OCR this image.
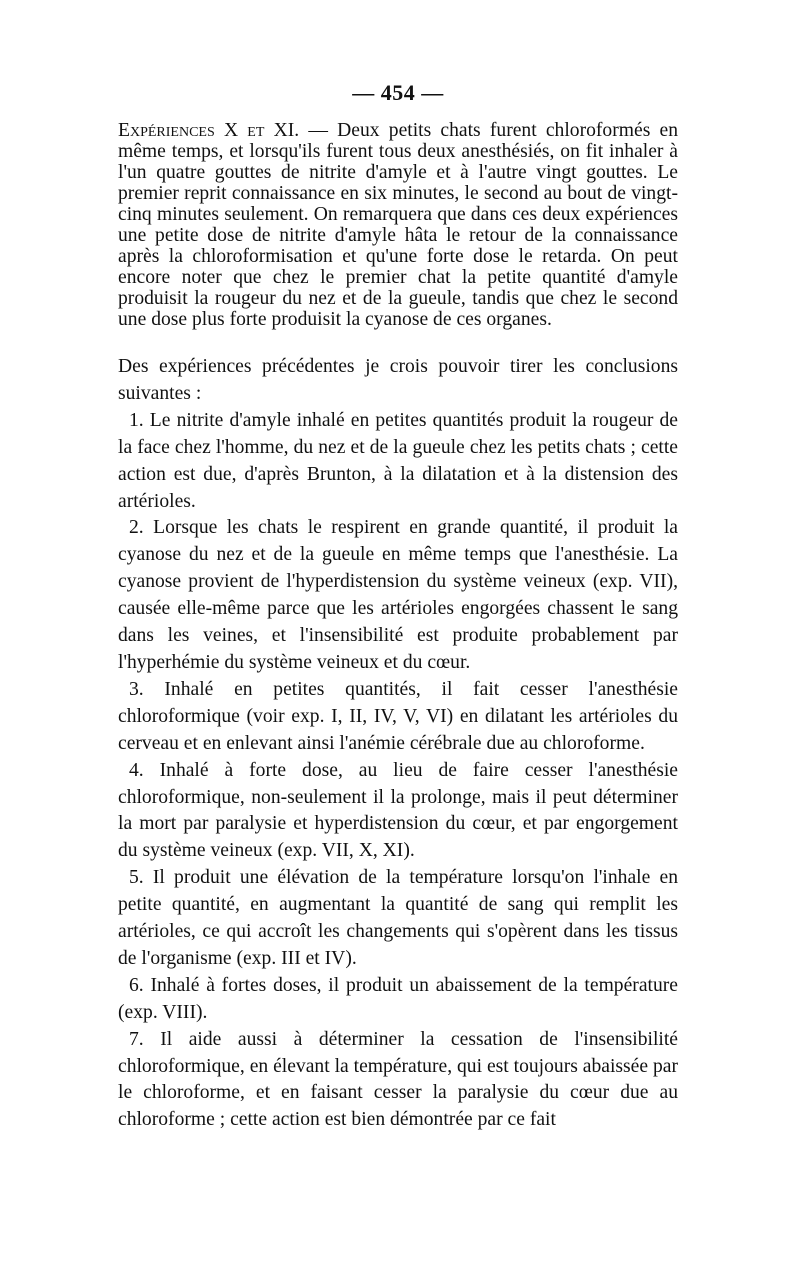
— 454 —

Expériences X et XI. — Deux petits chats furent chloroformés en même temps, et lorsqu'ils furent tous deux anesthésiés, on fit inhaler à l'un quatre gouttes de nitrite d'amyle et à l'autre vingt gouttes. Le premier reprit connaissance en six minutes, le second au bout de vingt-cinq minutes seulement. On remarquera que dans ces deux expériences une petite dose de nitrite d'amyle hâta le retour de la connaissance après la chloroformisation et qu'une forte dose le retarda. On peut encore noter que chez le premier chat la petite quantité d'amyle produisit la rougeur du nez et de la gueule, tandis que chez le second une dose plus forte produisit la cyanose de ces organes.

Des expériences précédentes je crois pouvoir tirer les conclusions suivantes :

1. Le nitrite d'amyle inhalé en petites quantités produit la rougeur de la face chez l'homme, du nez et de la gueule chez les petits chats ; cette action est due, d'après Brunton, à la dilatation et à la distension des artérioles.

2. Lorsque les chats le respirent en grande quantité, il produit la cyanose du nez et de la gueule en même temps que l'anesthésie. La cyanose provient de l'hyperdistension du système veineux (exp. VII), causée elle-même parce que les artérioles engorgées chassent le sang dans les veines, et l'insensibilité est produite probablement par l'hyperhémie du système veineux et du cœur.

3. Inhalé en petites quantités, il fait cesser l'anesthésie chloroformique (voir exp. I, II, IV, V, VI) en dilatant les artérioles du cerveau et en enlevant ainsi l'anémie cérébrale due au chloroforme.

4. Inhalé à forte dose, au lieu de faire cesser l'anesthésie chloroformique, non-seulement il la prolonge, mais il peut déterminer la mort par paralysie et hyperdistension du cœur, et par engorgement du système veineux (exp. VII, X, XI).

5. Il produit une élévation de la température lorsqu'on l'inhale en petite quantité, en augmentant la quantité de sang qui remplit les artérioles, ce qui accroît les changements qui s'opèrent dans les tissus de l'organisme (exp. III et IV).

6. Inhalé à fortes doses, il produit un abaissement de la température (exp. VIII).

7. Il aide aussi à déterminer la cessation de l'insensibilité chloroformique, en élevant la température, qui est toujours abaissée par le chloroforme, et en faisant cesser la paralysie du cœur due au chloroforme ; cette action est bien démontrée par ce fait
